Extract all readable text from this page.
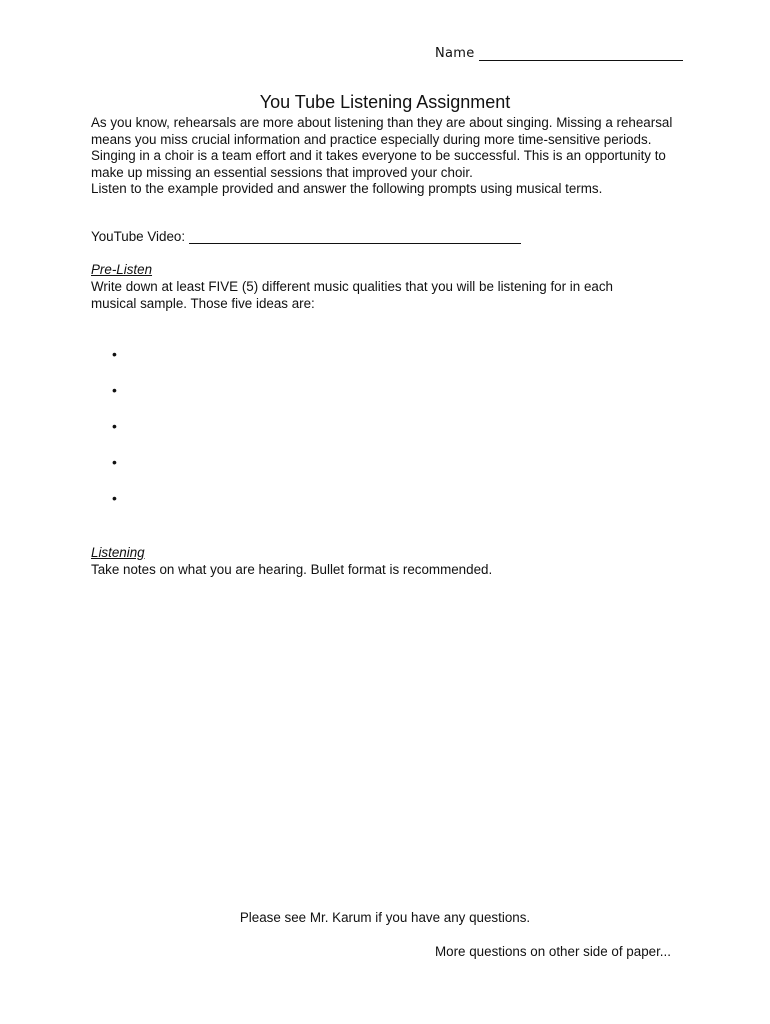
Name
You Tube Listening Assignment

As you know, rehearsals are more about listening than they are about singing. Missing a rehearsal means you miss crucial information and practice especially during more time-sensitive periods. Singing in a choir is a team effort and it takes everyone to be successful. This is an opportunity to make up missing an essential sessions that improved your choir.

Listen to the example provided and answer the following prompts using musical terms.

YouTube Video:
Pre-Listen
Write down at least FIVE (5) different music qualities that you will be listening for in each musical sample. Those five ideas are:
•
•
•
•
•
Listening
Take notes on what you are hearing. Bullet format is recommended.
Please see Mr. Karum if you have any questions.
More questions on other side of paper...
